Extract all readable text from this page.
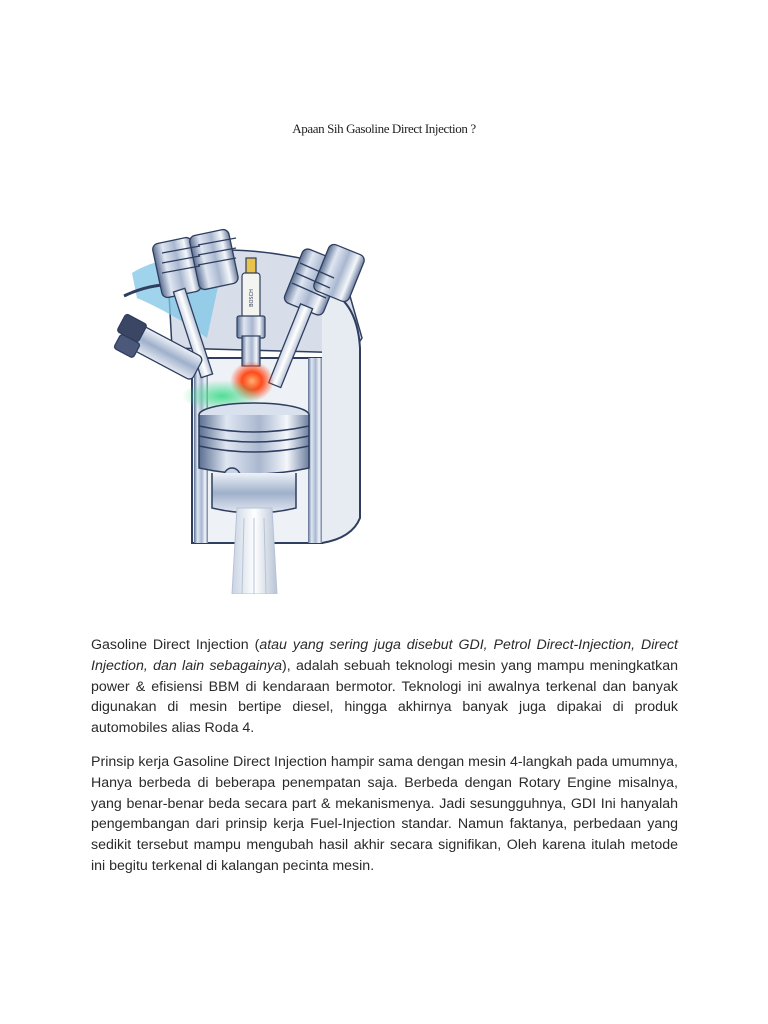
Apaan Sih Gasoline Direct Injection ?
BOSCH

Gasoline Direct Injection (atau yang sering juga disebut GDI, Petrol Direct-Injection, Direct Injection, dan lain sebagainya), adalah sebuah teknologi mesin yang mampu meningkatkan power & efisiensi BBM di kendaraan bermotor. Teknologi ini awalnya terkenal dan banyak digunakan di mesin bertipe diesel, hingga akhirnya banyak juga dipakai di produk automobiles alias Roda 4.

Prinsip kerja Gasoline Direct Injection hampir sama dengan mesin 4-langkah pada umumnya, Hanya berbeda di beberapa penempatan saja. Berbeda dengan Rotary Engine misalnya, yang benar-benar beda secara part & mekanismenya. Jadi sesungguhnya, GDI Ini hanyalah pengembangan dari prinsip kerja Fuel-Injection standar. Namun faktanya, perbedaan yang sedikit tersebut mampu mengubah hasil akhir secara signifikan, Oleh karena itulah metode ini begitu terkenal di kalangan pecinta mesin.
